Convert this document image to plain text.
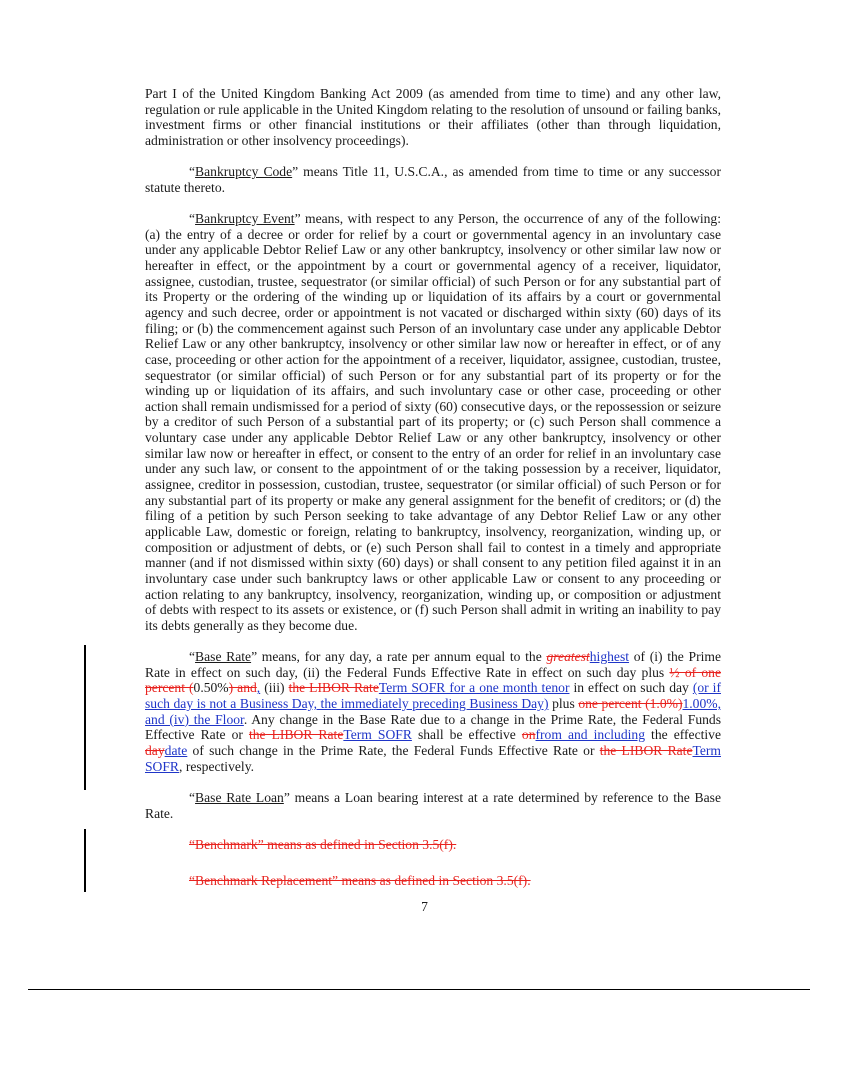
Part I of the United Kingdom Banking Act 2009 (as amended from time to time) and any other law, regulation or rule applicable in the United Kingdom relating to the resolution of unsound or failing banks, investment firms or other financial institutions or their affiliates (other than through liquidation, administration or other insolvency proceedings).

“Bankruptcy Code” means Title 11, U.S.C.A., as amended from time to time or any successor statute thereto.

“Bankruptcy Event” means, with respect to any Person, the occurrence of any of the following: (a) the entry of a decree or order for relief by a court or governmental agency in an involuntary case under any applicable Debtor Relief Law or any other bankruptcy, insolvency or other similar law now or hereafter in effect, or the appointment by a court or governmental agency of a receiver, liquidator, assignee, custodian, trustee, sequestrator (or similar official) of such Person or for any substantial part of its Property or the ordering of the winding up or liquidation of its affairs by a court or governmental agency and such decree, order or appointment is not vacated or discharged within sixty (60) days of its filing; or (b) the commencement against such Person of an involuntary case under any applicable Debtor Relief Law or any other bankruptcy, insolvency or other similar law now or hereafter in effect, or of any case, proceeding or other action for the appointment of a receiver, liquidator, assignee, custodian, trustee, sequestrator (or similar official) of such Person or for any substantial part of its property or for the winding up or liquidation of its affairs, and such involuntary case or other case, proceeding or other action shall remain undismissed for a period of sixty (60) consecutive days, or the repossession or seizure by a creditor of such Person of a substantial part of its property; or (c) such Person shall commence a voluntary case under any applicable Debtor Relief Law or any other bankruptcy, insolvency or other similar law now or hereafter in effect, or consent to the entry of an order for relief in an involuntary case under any such law, or consent to the appointment of or the taking possession by a receiver, liquidator, assignee, creditor in possession, custodian, trustee, sequestrator (or similar official) of such Person or for any substantial part of its property or make any general assignment for the benefit of creditors; or (d) the filing of a petition by such Person seeking to take advantage of any Debtor Relief Law or any other applicable Law, domestic or foreign, relating to bankruptcy, insolvency, reorganization, winding up, or composition or adjustment of debts, or (e) such Person shall fail to contest in a timely and appropriate manner (and if not dismissed within sixty (60) days) or shall consent to any petition filed against it in an involuntary case under such bankruptcy laws or other applicable Law or consent to any proceeding or action relating to any bankruptcy, insolvency, reorganization, winding up, or composition or adjustment of debts with respect to its assets or existence, or (f) such Person shall admit in writing an inability to pay its debts generally as they become due.

“Base Rate” means, for any day, a rate per annum equal to the greatesthighest of (i) the Prime Rate in effect on such day, (ii) the Federal Funds Effective Rate in effect on such day plus ½ of one percent (0.50%) and, (iii) the LIBOR RateTerm SOFR for a one month tenor in effect on such day (or if such day is not a Business Day, the immediately preceding Business Day) plus one percent (1.0%)1.00%, and (iv) the Floor. Any change in the Base Rate due to a change in the Prime Rate, the Federal Funds Effective Rate or the LIBOR RateTerm SOFR shall be effective onfrom and including the effective daydate of such change in the Prime Rate, the Federal Funds Effective Rate or the LIBOR RateTerm SOFR, respectively.

“Base Rate Loan” means a Loan bearing interest at a rate determined by reference to the Base Rate.

“Benchmark” means as defined in Section 3.5(f).

“Benchmark Replacement” means as defined in Section 3.5(f).

7
